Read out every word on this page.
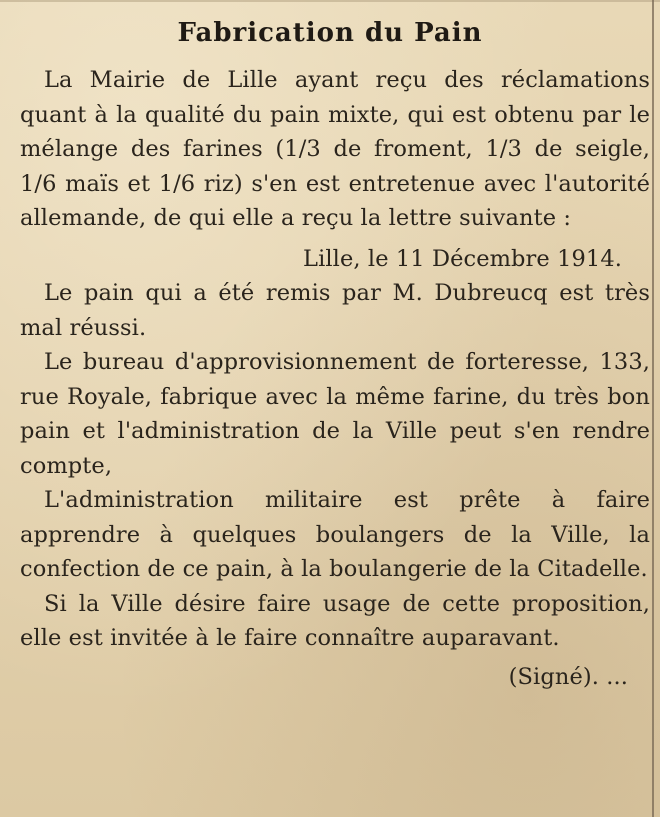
Fabrication du Pain

La Mairie de Lille ayant reçu des réclamations quant à la qualité du pain mixte, qui est obtenu par le mélange des farines (1/3 de froment, 1/3 de seigle, 1/6 maïs et 1/6 riz) s'en est entretenue avec l'autorité allemande, de qui elle a reçu la lettre suivante :

Lille, le 11 Décembre 1914.

Le pain qui a été remis par M. Dubreucq est très mal réussi.

Le bureau d'approvisionnement de forteresse, 133, rue Royale, fabrique avec la même farine, du très bon pain et l'administration de la Ville peut s'en rendre compte,

L'administration militaire est prête à faire apprendre à quelques boulangers de la Ville, la confection de ce pain, à la boulangerie de la Citadelle.

Si la Ville désire faire usage de cette proposition, elle est invitée à le faire connaître auparavant.

(Signé). ...
